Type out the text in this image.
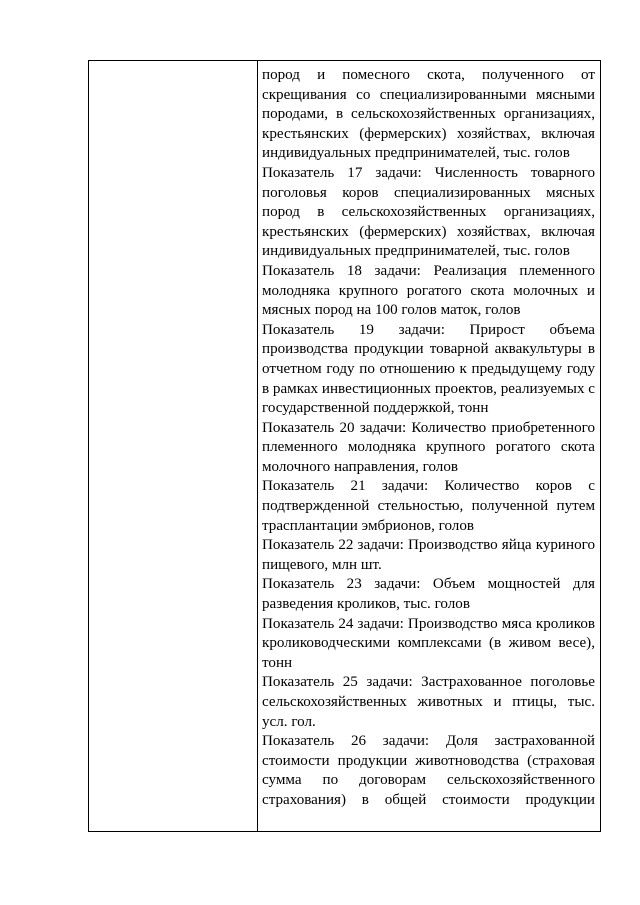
пород и помесного скота, полученного от скрещивания со специализированными мясными породами, в сельскохозяйственных организациях, крестьянских (фермерских) хозяйствах, включая индивидуальных предпринимателей, тыс. голов

Показатель 17 задачи: Численность товарного поголовья коров специализированных мясных пород в сельскохозяйственных организациях, крестьянских (фермерских) хозяйствах, включая индивидуальных предпринимателей, тыс. голов

Показатель 18 задачи: Реализация племенного молодняка крупного рогатого скота молочных и мясных пород на 100 голов маток, голов

Показатель 19 задачи: Прирост объема производства продукции товарной аквакультуры в отчетном году по отношению к предыдущему году в рамках инвестиционных проектов, реализуемых с государственной поддержкой, тонн

Показатель 20 задачи: Количество приобретенного племенного молодняка крупного рогатого скота молочного направления, голов

Показатель 21 задачи: Количество коров с подтвержденной стельностью, полученной путем трасплантации эмбрионов, голов

Показатель 22 задачи: Производство яйца куриного пищевого, млн шт.

Показатель 23 задачи: Объем мощностей для разведения кроликов, тыс. голов

Показатель 24 задачи: Производство мяса кроликов кролиководческими комплексами (в живом весе), тонн

Показатель 25 задачи: Застрахованное поголовье сельскохозяйственных животных и птицы, тыс. усл. гол.

Показатель 26 задачи: Доля застрахованной стоимости продукции животноводства (страховая сумма по договорам сельскохозяйственного страхования) в общей стоимости продукции
